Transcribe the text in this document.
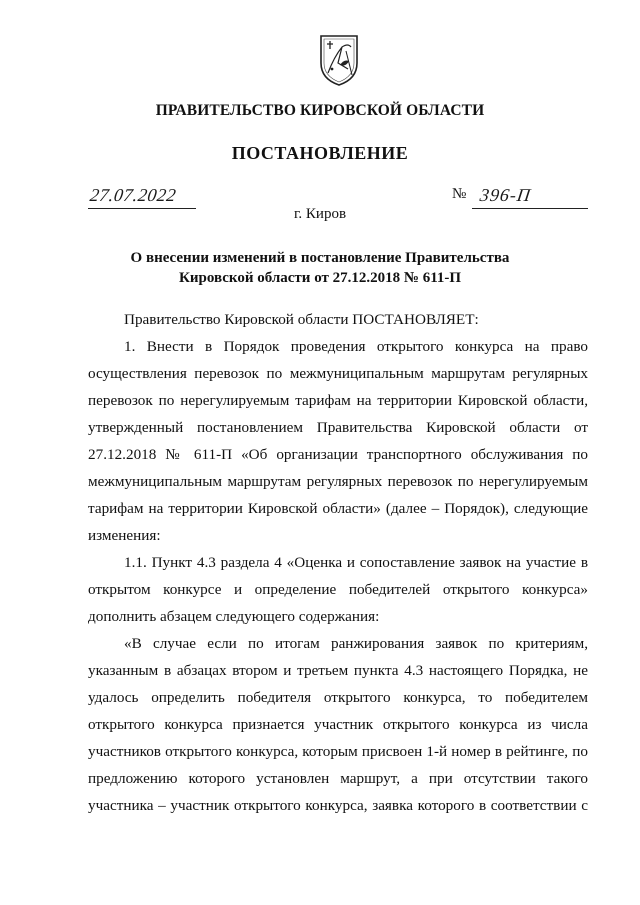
ПРАВИТЕЛЬСТВО КИРОВСКОЙ ОБЛАСТИ
ПОСТАНОВЛЕНИЕ
27.07.2022	№ 396-П
г. Киров
О внесении изменений в постановление Правительства
Кировской области от 27.12.2018 № 611-П

Правительство Кировской области ПОСТАНОВЛЯЕТ:

1. Внести в Порядок проведения открытого конкурса на право осуществления перевозок по межмуниципальным маршрутам регулярных перевозок по нерегулируемым тарифам на территории Кировской области, утвержденный постановлением Правительства Кировской области от 27.12.2018 № 611-П «Об организации транспортного обслуживания по межмуниципальным маршрутам регулярных перевозок по нерегулируемым тарифам на территории Кировской области» (далее – Порядок), следующие изменения:

1.1. Пункт 4.3 раздела 4 «Оценка и сопоставление заявок на участие в открытом конкурсе и определение победителей открытого конкурса» дополнить абзацем следующего содержания:

«В случае если по итогам ранжирования заявок по критериям, указанным в абзацах втором и третьем пункта 4.3 настоящего Порядка, не удалось определить победителя открытого конкурса, то победителем открытого конкурса признается участник открытого конкурса из числа участников открытого конкурса, которым присвоен 1-й номер в рейтинге, по предложению которого установлен маршрут, а при отсутствии такого участника – участник открытого конкурса, заявка которого в соответствии с
